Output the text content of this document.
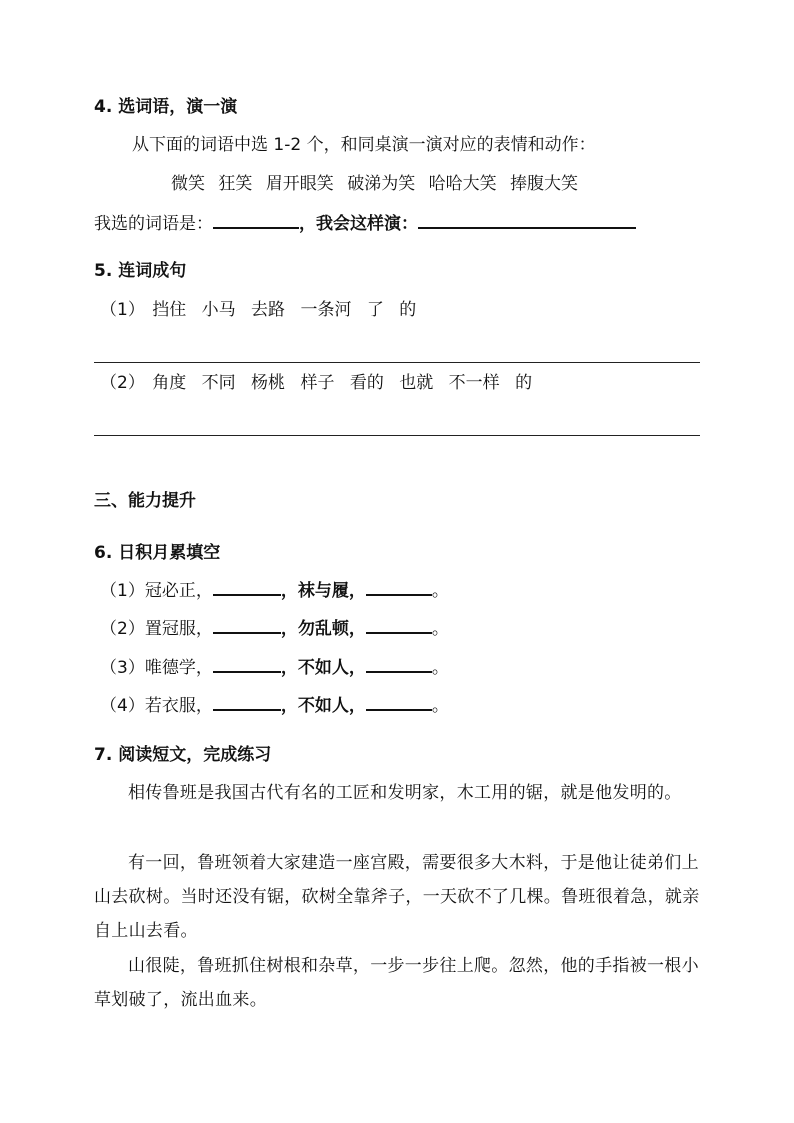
4. 选词语，演一演
从下面的词语中选 1-2 个，和同桌演一演对应的表情和动作：
微笑 狂笑 眉开眼笑 破涕为笑 哈哈大笑 捧腹大笑
我选的词语是：	，我会这样演：
5. 连词成句
（1） 挡住 小马 去路 一条河 了 的
（2） 角度 不同 杨桃 样子 看的 也就 不一样 的
三、能力提升
6. 日积月累填空
（1）冠必正，	，袜与履，	。
（2）置冠服，	，勿乱顿，	。
（3）唯德学，	，不如人，	。
（4）若衣服，	，不如人，	。
7. 阅读短文，完成练习
相传鲁班是我国古代有名的工匠和发明家，木工用的锯，就是他发明的。
有一回，鲁班领着大家建造一座宫殿，需要很多大木料，于是他让徒弟们上山去砍树。当时还没有锯，砍树全靠斧子，一天砍不了几棵。鲁班很着急，就亲自上山去看。
山很陡，鲁班抓住树根和杂草，一步一步往上爬。忽然，他的手指被一根小草划破了，流出血来。
